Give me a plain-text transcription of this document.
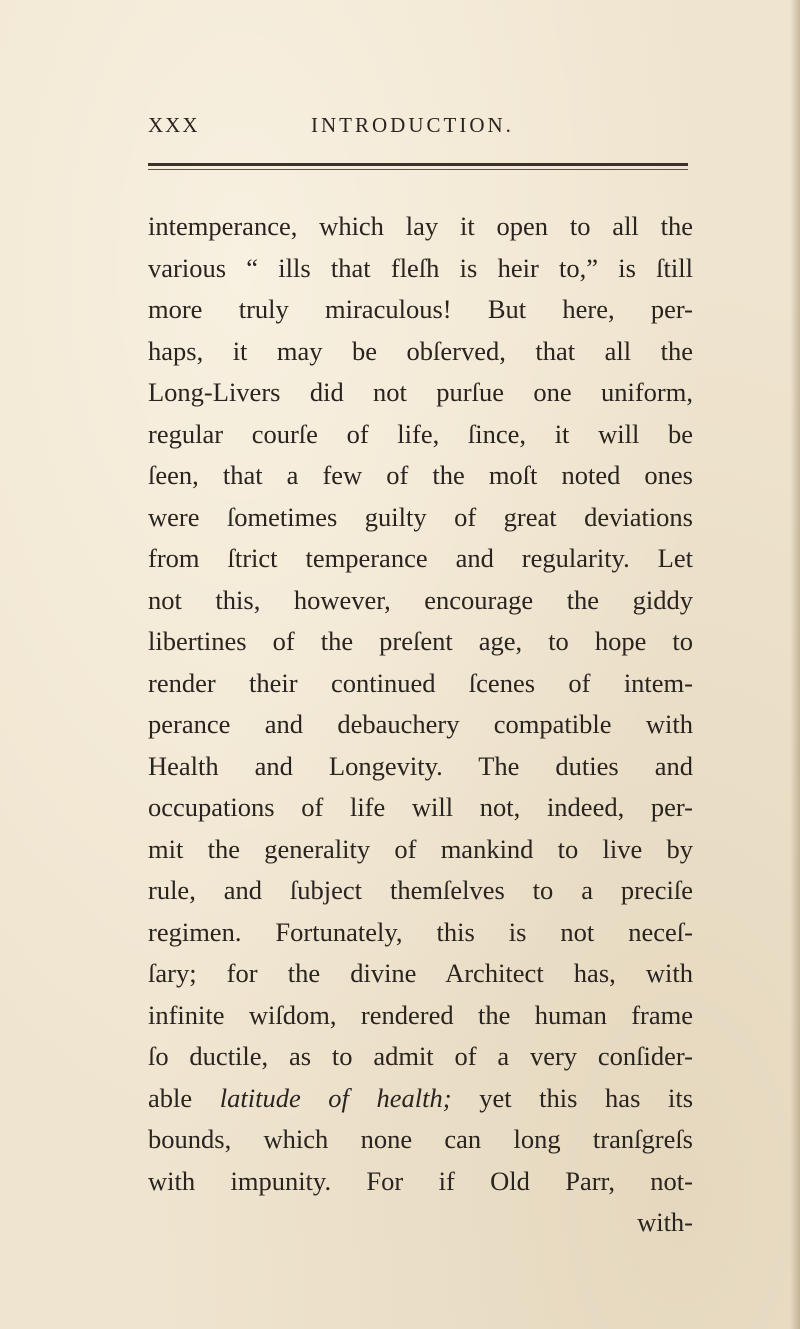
XXX	INTRODUCTION.
intemperance, which lay it open to all the
various “ ills that fleſh is heir to,” is ſtill
more truly miraculous! But here, per-
haps, it may be obſerved, that all the
Long-Livers did not purſue one uniform,
regular courſe of life, ſince, it will be
ſeen, that a few of the moſt noted ones
were ſometimes guilty of great deviations
from ſtrict temperance and regularity. Let
not this, however, encourage the giddy
libertines of the preſent age, to hope to
render their continued ſcenes of intem-
perance and debauchery compatible with
Health and Longevity. The duties and
occupations of life will not, indeed, per-
mit the generality of mankind to live by
rule, and ſubject themſelves to a preciſe
regimen. Fortunately, this is not neceſ-
ſary; for the divine Architect has, with
infinite wiſdom, rendered the human frame
ſo ductile, as to admit of a very conſider-
able latitude of health; yet this has its
bounds, which none can long tranſgreſs
with impunity. For if Old Parr, not-
with-
